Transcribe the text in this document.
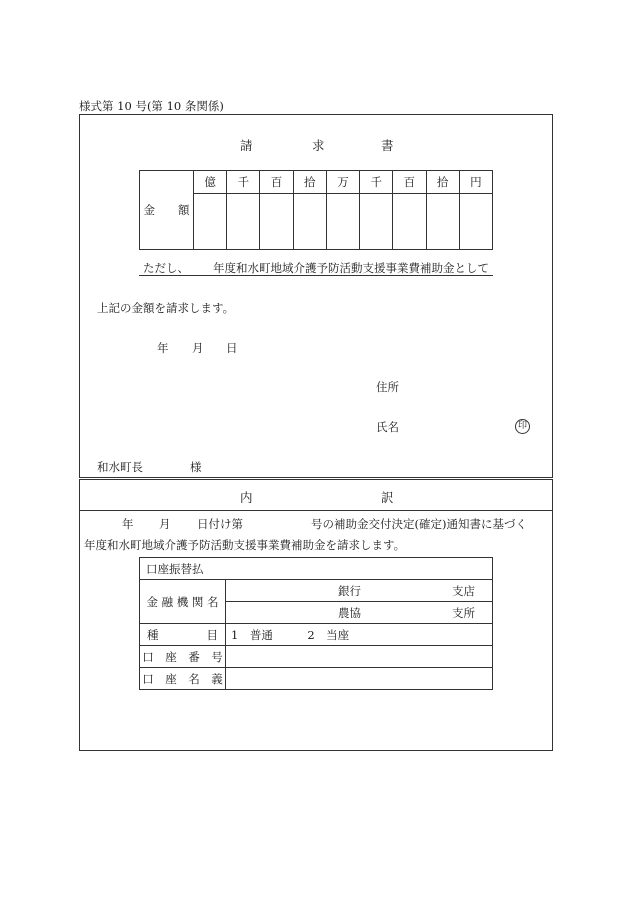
様式第 10 号(第 10 条関係)
請	求	書
金　　額	億	千	百	拾	万	千	百	拾	円

ただし、 年度和水町地域介護予防活動支援事業費補助金として
上記の金額を請求します。
年 月 日
住所
氏名	印
和水町長	様
内	訳
年 月 日付け第	号の補助金交付決定(確定)通知書に基づく
年度和水町地域介護予防活動支援事業費補助金を請求します。
口座振替払	
金 融 機 関 名	銀行 支店

	農協 支所

種 目	1　普通　　　2　当座
口　座　番　号	
口　座　名　義	
